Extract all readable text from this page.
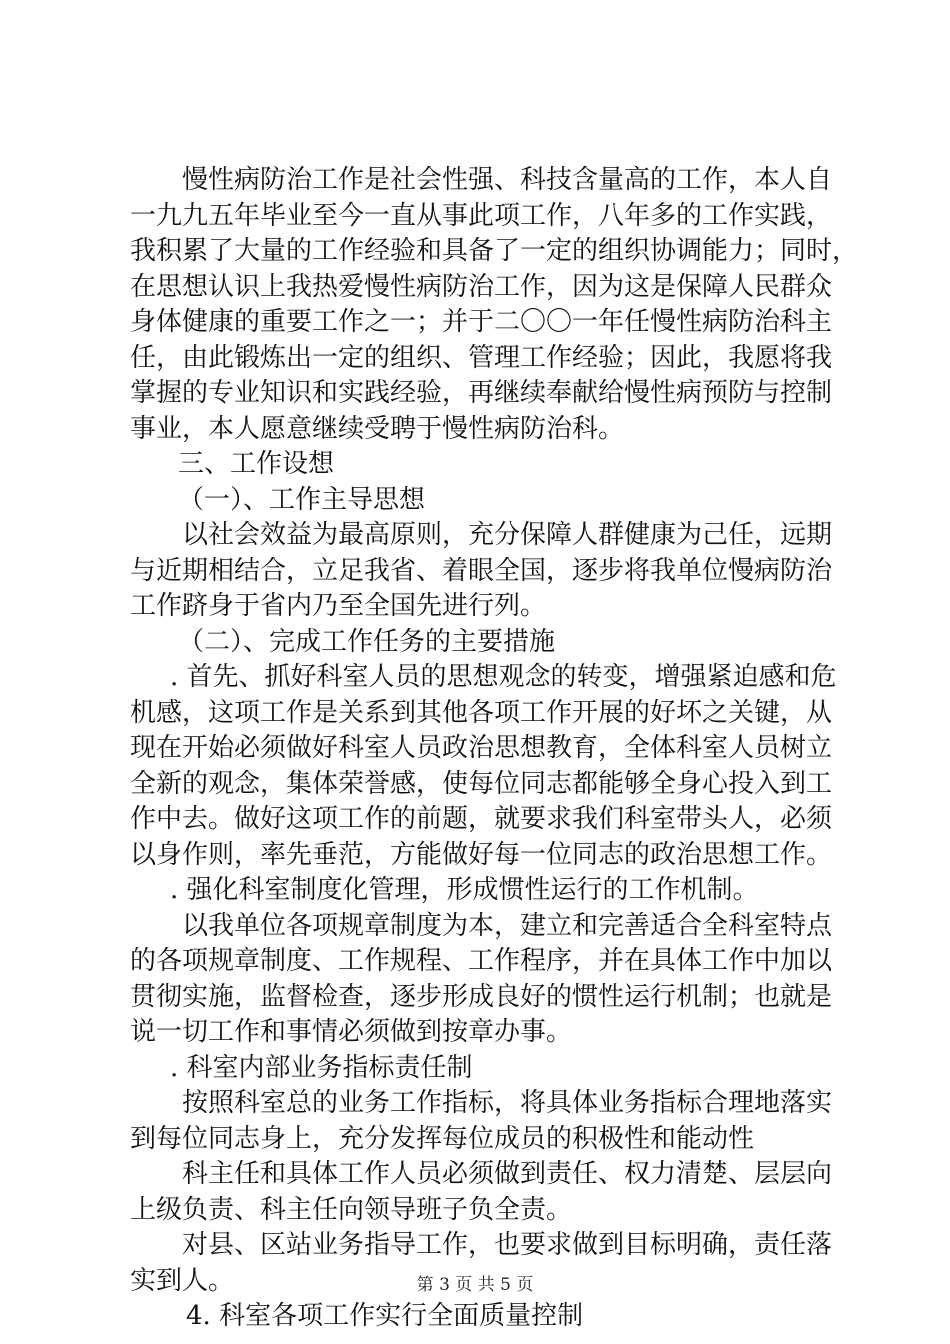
慢性病防治工作是社会性强、科技含量高的工作，本人自
一九九五年毕业至今一直从事此项工作，八年多的工作实践，
我积累了大量的工作经验和具备了一定的组织协调能力；同时，
在思想认识上我热爱慢性病防治工作，因为这是保障人民群众
身体健康的重要工作之一；并于二〇〇一年任慢性病防治科主
任，由此锻炼出一定的组织、管理工作经验；因此，我愿将我
掌握的专业知识和实践经验，再继续奉献给慢性病预防与控制
事业，本人愿意继续受聘于慢性病防治科。
三、工作设想
（一）、工作主导思想
以社会效益为最高原则，充分保障人群健康为己任，远期
与近期相结合，立足我省、着眼全国，逐步将我单位慢病防治
工作跻身于省内乃至全国先进行列。
（二）、完成工作任务的主要措施
. 首先、抓好科室人员的思想观念的转变，增强紧迫感和危
机感，这项工作是关系到其他各项工作开展的好坏之关键，从
现在开始必须做好科室人员政治思想教育，全体科室人员树立
全新的观念，集体荣誉感，使每位同志都能够全身心投入到工
作中去。做好这项工作的前题，就要求我们科室带头人，必须
以身作则，率先垂范，方能做好每一位同志的政治思想工作。
. 强化科室制度化管理，形成惯性运行的工作机制。
以我单位各项规章制度为本，建立和完善适合全科室特点
的各项规章制度、工作规程、工作程序，并在具体工作中加以
贯彻实施，监督检查，逐步形成良好的惯性运行机制；也就是
说一切工作和事情必须做到按章办事。
. 科室内部业务指标责任制
按照科室总的业务工作指标，将具体业务指标合理地落实
到每位同志身上，充分发挥每位成员的积极性和能动性
科主任和具体工作人员必须做到责任、权力清楚、层层向
上级负责、科主任向领导班子负全责。
对县、区站业务指导工作，也要求做到目标明确，责任落
实到人。
4. 科室各项工作实行全面质量控制
第 3 页 共 5 页
